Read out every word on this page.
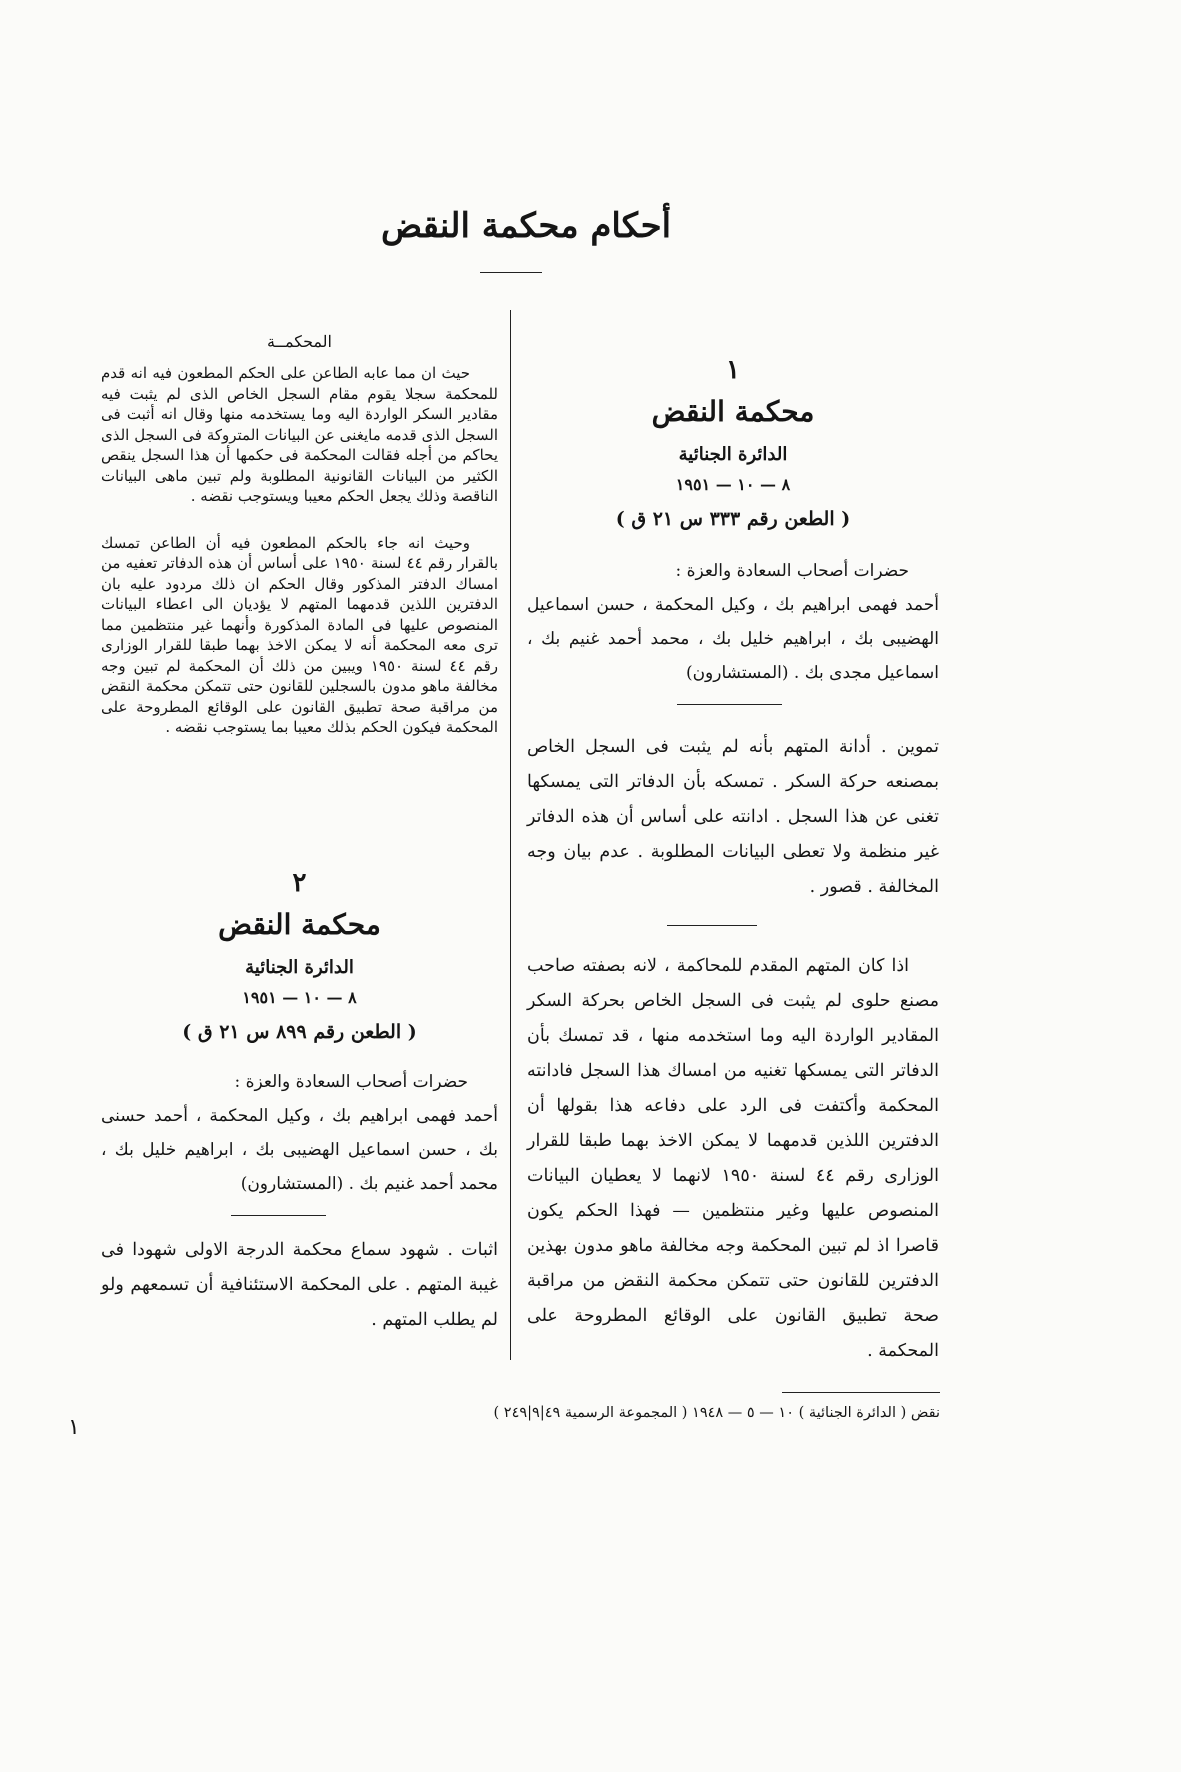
أحكام محكمة النقض
١
محكمة النقض
الدائرة الجنائية
٨ — ١٠ — ١٩٥١
( الطعن رقم ٣٣٣ س ٢١ ق )

حضرات أصحاب السعادة والعزة :

أحمد فهمى ابراهيم بك ، وكيل المحكمة ، حسن اسماعيل الهضيبى بك ، ابراهيم خليل بك ، محمد أحمد غنيم بك ، اسماعيل مجدى بك . (المستشارون)

تموين . أدانة المتهم بأنه لم يثبت فى السجل الخاص بمصنعه حركة السكر . تمسكه بأن الدفاتر التى يمسكها تغنى عن هذا السجل . ادانته على أساس أن هذه الدفاتر غير منظمة ولا تعطى البيانات المطلوبة . عدم بيان وجه المخالفة . قصور .
اذا كان المتهم المقدم للمحاكمة ، لانه بصفته صاحب مصنع حلوى لم يثبت فى السجل الخاص بحركة السكر المقادير الواردة اليه وما استخدمه منها ، قد تمسك بأن الدفاتر التى يمسكها تغنيه من امساك هذا السجل فادانته المحكمة وأكتفت فى الرد على دفاعه هذا بقولها أن الدفترين اللذين قدمهما لا يمكن الاخذ بهما طبقا للقرار الوزارى رقم ٤٤ لسنة ١٩٥٠ لانهما لا يعطيان البيانات المنصوص عليها وغير منتظمين — فهذا الحكم يكون قاصرا اذ لم تبين المحكمة وجه مخالفة ماهو مدون بهذين الدفترين للقانون حتى تتمكن محكمة النقض من مراقبة صحة تطبيق القانون على الوقائع المطروحة على المحكمة .
المحكمــة

حيث ان مما عابه الطاعن على الحكم المطعون فيه انه قدم للمحكمة سجلا يقوم مقام السجل الخاص الذى لم يثبت فيه مقادير السكر الواردة اليه وما يستخدمه منها وقال انه أثبت فى السجل الذى قدمه مايغنى عن البيانات المتروكة فى السجل الذى يحاكم من أجله فقالت المحكمة فى حكمها أن هذا السجل ينقص الكثير من البيانات القانونية المطلوبة ولم تبين ماهى البيانات الناقصة وذلك يجعل الحكم معيبا ويستوجب نقضه .

وحيث انه جاء بالحكم المطعون فيه أن الطاعن تمسك بالقرار رقم ٤٤ لسنة ١٩٥٠ على أساس أن هذه الدفاتر تعفيه من امساك الدفتر المذكور وقال الحكم ان ذلك مردود عليه بان الدفترين اللذين قدمهما المتهم لا يؤديان الى اعطاء البيانات المنصوص عليها فى المادة المذكورة وأنهما غير منتظمين مما ترى معه المحكمة أنه لا يمكن الاخذ بهما طبقا للقرار الوزارى رقم ٤٤ لسنة ١٩٥٠ ويبين من ذلك أن المحكمة لم تبين وجه مخالفة ماهو مدون بالسجلين للقانون حتى تتمكن محكمة النقض من مراقبة صحة تطبيق القانون على الوقائع المطروحة على المحكمة فيكون الحكم بذلك معيبا بما يستوجب نقضه .

٢
محكمة النقض
الدائرة الجنائية
٨ — ١٠ — ١٩٥١
( الطعن رقم ٨٩٩ س ٢١ ق )

حضرات أصحاب السعادة والعزة :

أحمد فهمى ابراهيم بك ، وكيل المحكمة ، أحمد حسنى بك ، حسن اسماعيل الهضيبى بك ، ابراهيم خليل بك ، محمد أحمد غنيم بك . (المستشارون)

اثبات . شهود سماع محكمة الدرجة الاولى شهودا فى غيبة المتهم . على المحكمة الاستئنافية أن تسمعهم ولو لم يطلب المتهم .
نقض ( الدائرة الجنائية ) ١٠ — ٥ — ١٩٤٨ ( المجموعة الرسمية ٤٩|٩|٢٤٩ )
١
